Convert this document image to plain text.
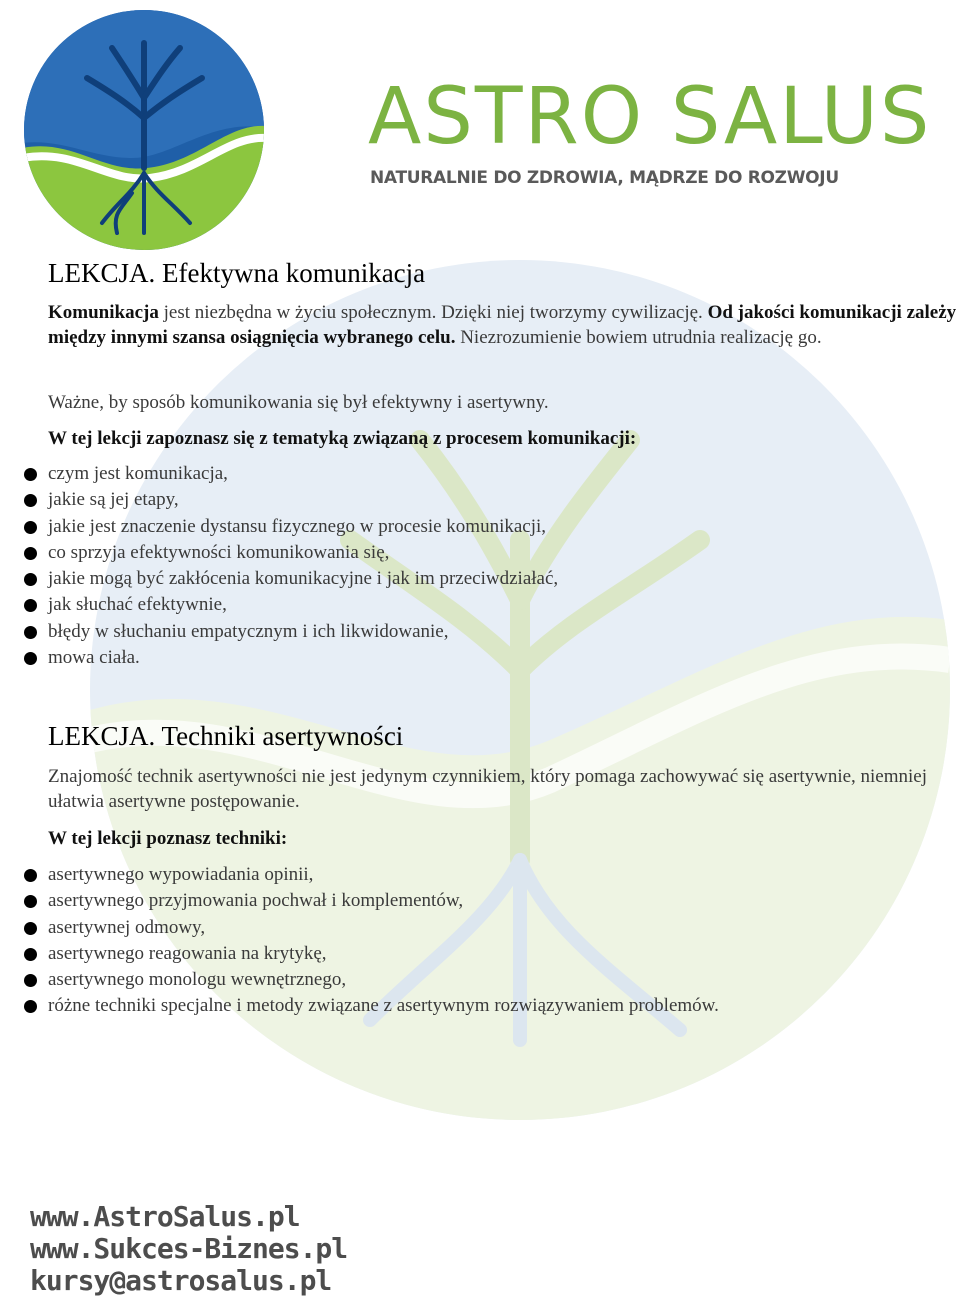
ASTRO SALUS
NATURALNIE DO ZDROWIA, MĄDRZE DO ROZWOJU
LEKCJA. Efektywna komunikacja
Komunikacja jest niezbędna w życiu społecznym. Dzięki niej tworzymy cywilizację. Od jakości komunikacji zależy między innymi szansa osiągnięcia wybranego celu. Niezrozumienie bowiem utrudnia realizację go.
Ważne, by sposób komunikowania się był efektywny i asertywny.
W tej lekcji zapoznasz się z tematyką związaną z procesem komunikacji:
czym jest komunikacja,
jakie są jej etapy,
jakie jest znaczenie dystansu fizycznego w procesie komunikacji,
co sprzyja efektywności komunikowania się,
jakie mogą być zakłócenia komunikacyjne i jak im przeciwdziałać,
jak słuchać efektywnie,
błędy w słuchaniu empatycznym i ich likwidowanie,
mowa ciała.
LEKCJA. Techniki asertywności
Znajomość technik asertywności nie jest jedynym czynnikiem, który pomaga zachowywać się asertywnie, niemniej ułatwia asertywne postępowanie.
W tej lekcji poznasz techniki:
asertywnego wypowiadania opinii,
asertywnego przyjmowania pochwał i komplementów,
asertywnej odmowy,
asertywnego reagowania na krytykę,
asertywnego monologu wewnętrznego,
różne techniki specjalne i metody związane z asertywnym rozwiązywaniem problemów.
www.AstroSalus.pl
www.Sukces-Biznes.pl
kursy@astrosalus.pl
